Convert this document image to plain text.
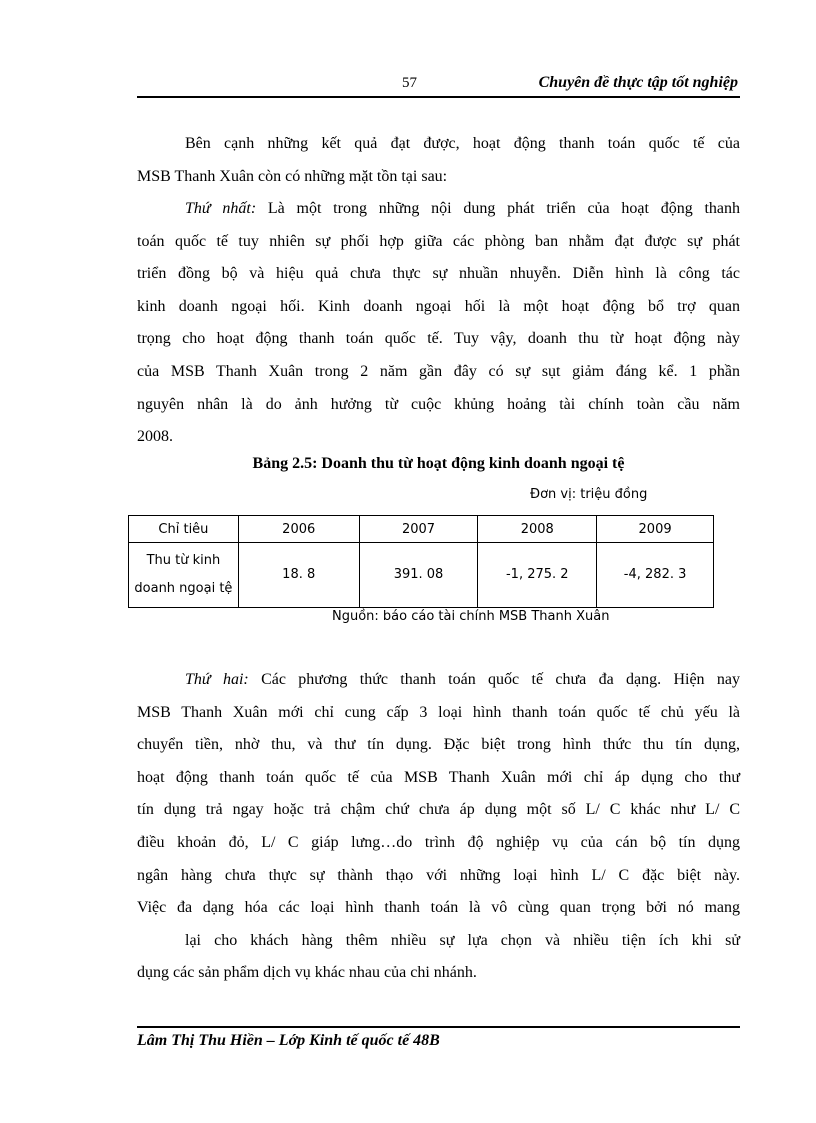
57	Chuyên đề thực tập tốt nghiệp
Bên cạnh những kết quả đạt được, hoạt động thanh toán quốc tế của
MSB Thanh Xuân còn có những mặt tồn tại sau:
Thứ nhất: Là một trong những nội dung phát triển của hoạt động thanh
toán quốc tế tuy nhiên sự phối hợp giữa các phòng ban nhằm đạt được sự phát
triển đồng bộ và hiệu quả chưa thực sự nhuần nhuyễn. Diễn hình là công tác
kinh doanh ngoại hối. Kinh doanh ngoại hối là một hoạt động bổ trợ quan
trọng cho hoạt động thanh toán quốc tế. Tuy vậy, doanh thu từ hoạt động này
của MSB Thanh Xuân trong 2 năm gần đây có sự sụt giảm đáng kể. 1 phần
nguyên nhân là do ảnh hưởng từ cuộc khủng hoảng tài chính toàn cầu năm
2008.
Bảng 2.5: Doanh thu từ hoạt động kinh doanh ngoại tệ
Đơn vị: triệu đồng
Chỉ tiêu	2006	2007	2008	2009
Thu từ kinh
doanh ngoại tệ	18. 8	391. 08	-1, 275. 2	-4, 282. 3
Nguồn: báo cáo tài chính MSB Thanh Xuân
Thứ hai: Các phương thức thanh toán quốc tế chưa đa dạng. Hiện nay
MSB Thanh Xuân mới chỉ cung cấp 3 loại hình thanh toán quốc tế chủ yếu là
chuyển tiền, nhờ thu, và thư tín dụng. Đặc biệt trong hình thức thu tín dụng,
hoạt động thanh toán quốc tế của MSB Thanh Xuân mới chỉ áp dụng cho thư
tín dụng trả ngay hoặc trả chậm chứ chưa áp dụng một số L/ C khác như L/ C
điều khoản đỏ, L/ C giáp lưng…do trình độ nghiệp vụ của cán bộ tín dụng
ngân hàng chưa thực sự thành thạo với những loại hình L/ C đặc biệt này.
Việc đa dạng hóa các loại hình thanh toán là vô cùng quan trọng bởi nó mang
lại cho khách hàng thêm nhiều sự lựa chọn và nhiều tiện ích khi sử
dụng các sản phẩm dịch vụ khác nhau của chi nhánh.
Lâm Thị Thu Hiền – Lớp Kinh tế quốc tế 48B
